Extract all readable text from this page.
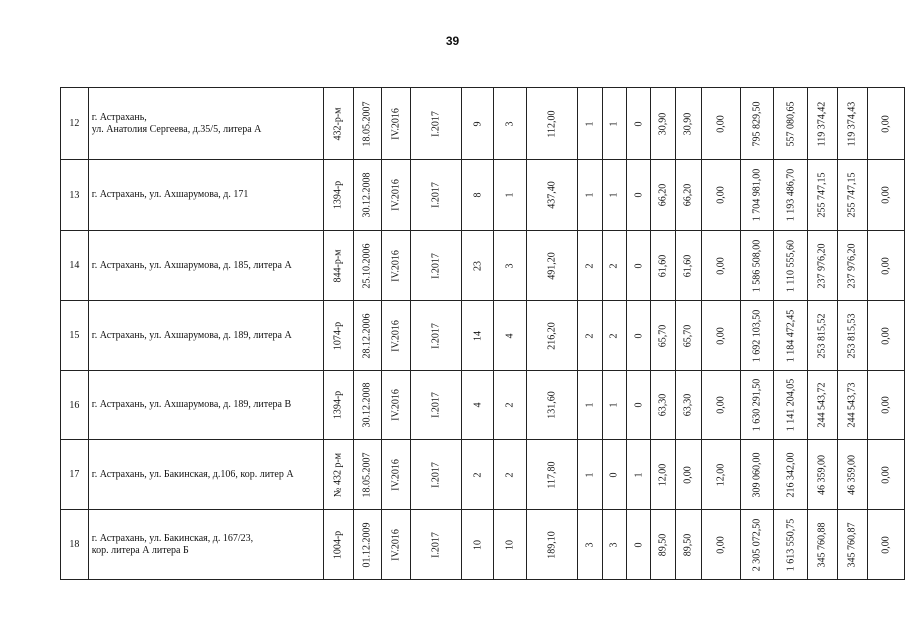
39
12	г. Астрахань,
ул. Анатолия Сергеева, д.35/5, литера А	432-р-м	18.05.2007	IV.2016	I.2017	9	3	112,00	1	1	0	30,90	30,90	0,00	795 829,50	557 080,65	119 374,42	119 374,43	0,00

13	г. Астрахань, ул. Ахшарумова, д. 171	1394-р	30.12.2008	IV.2016	I.2017	8	1	437,40	1	1	0	66,20	66,20	0,00	1 704 981,00	1 193 486,70	255 747,15	255 747,15	0,00

14	г. Астрахань, ул. Ахшарумова, д. 185, литера А	844-р-м	25.10.2006	IV.2016	I.2017	23	3	491,20	2	2	0	61,60	61,60	0,00	1 586 508,00	1 110 555,60	237 976,20	237 976,20	0,00

15	г. Астрахань, ул. Ахшарумова, д. 189, литера А	1074-р	28.12.2006	IV.2016	I.2017	14	4	216,20	2	2	0	65,70	65,70	0,00	1 692 103,50	1 184 472,45	253 815,52	253 815,53	0,00

16	г. Астрахань, ул. Ахшарумова, д. 189, литера В	1394-р	30.12.2008	IV.2016	I.2017	4	2	131,60	1	1	0	63,30	63,30	0,00	1 630 291,50	1 141 204,05	244 543,72	244 543,73	0,00

17	г. Астрахань, ул. Бакинская, д.106, кор. литер А	№ 432 р-м	18.05.2007	IV.2016	I.2017	2	2	117,80	1	0	1	12,00	0,00	12,00	309 060,00	216 342,00	46 359,00	46 359,00	0,00

18	г. Астрахань, ул. Бакинская, д. 167/23,
кор. литера А литера Б	1004-р	01.12.2009	IV.2016	I.2017	10	10	189,10	3	3	0	89,50	89,50	0,00	2 305 072,50	1 613 550,75	345 760,88	345 760,87	0,00
